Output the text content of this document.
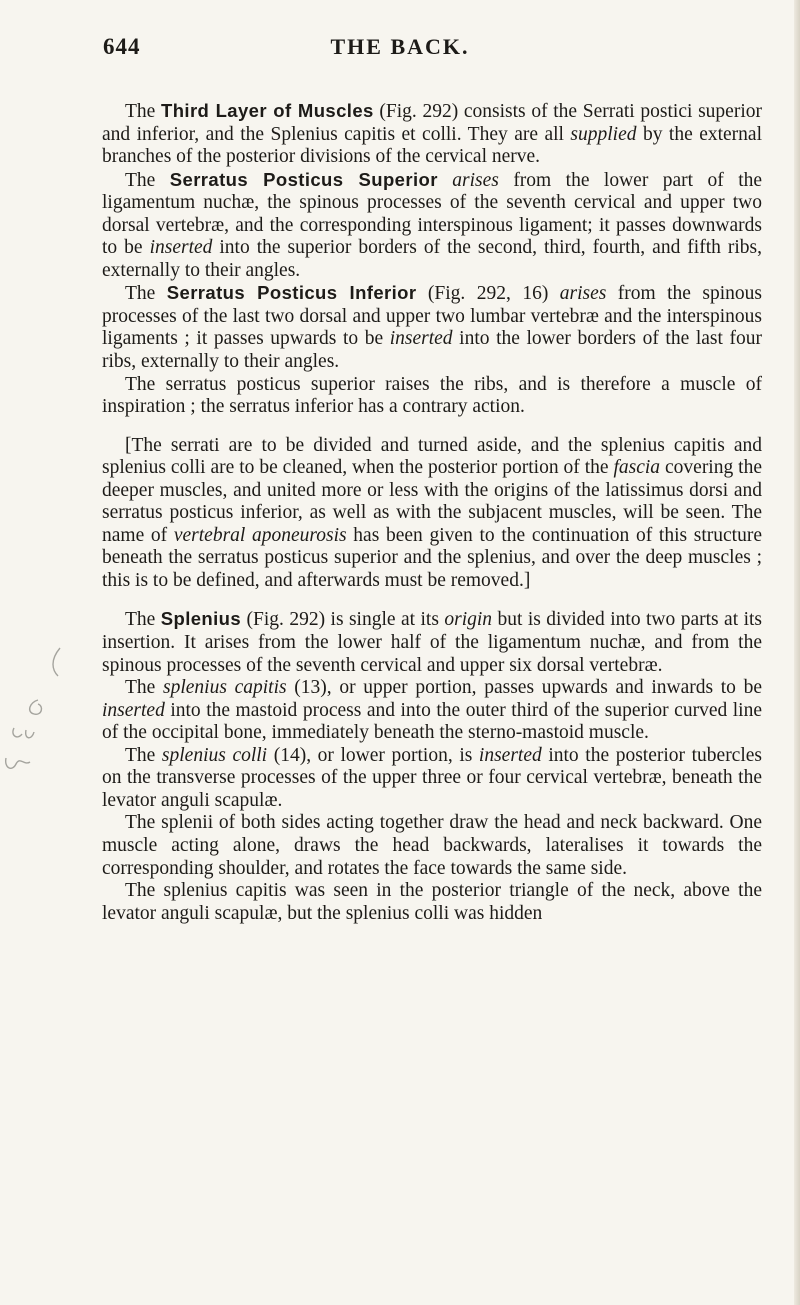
644	THE BACK.

The Third Layer of Muscles (Fig. 292) consists of the Serrati postici superior and inferior, and the Splenius capitis et colli. They are all supplied by the external branches of the posterior divisions of the cervical nerve.

The Serratus Posticus Superior arises from the lower part of the ligamentum nuchæ, the spinous processes of the seventh cervical and upper two dorsal vertebræ, and the corresponding interspinous ligament; it passes downwards to be inserted into the superior borders of the second, third, fourth, and fifth ribs, externally to their angles.

The Serratus Posticus Inferior (Fig. 292, 16) arises from the spinous processes of the last two dorsal and upper two lumbar vertebræ and the interspinous ligaments ; it passes upwards to be inserted into the lower borders of the last four ribs, externally to their angles.

The serratus posticus superior raises the ribs, and is therefore a muscle of inspiration ; the serratus inferior has a contrary action.

[The serrati are to be divided and turned aside, and the splenius capitis and splenius colli are to be cleaned, when the posterior portion of the fascia covering the deeper muscles, and united more or less with the origins of the latissimus dorsi and serratus posticus inferior, as well as with the subjacent muscles, will be seen. The name of vertebral aponeurosis has been given to the continuation of this structure beneath the serratus posticus superior and the splenius, and over the deep muscles ; this is to be defined, and afterwards must be removed.]

The Splenius (Fig. 292) is single at its origin but is divided into two parts at its insertion. It arises from the lower half of the ligamentum nuchæ, and from the spinous processes of the seventh cervical and upper six dorsal vertebræ.

The splenius capitis (13), or upper portion, passes upwards and inwards to be inserted into the mastoid process and into the outer third of the superior curved line of the occipital bone, immediately beneath the sterno-mastoid muscle.

The splenius colli (14), or lower portion, is inserted into the posterior tubercles on the transverse processes of the upper three or four cervical vertebræ, beneath the levator anguli scapulæ.

The splenii of both sides acting together draw the head and neck backward. One muscle acting alone, draws the head backwards, lateralises it towards the corresponding shoulder, and rotates the face towards the same side.

The splenius capitis was seen in the posterior triangle of the neck, above the levator anguli scapulæ, but the splenius colli was hidden
